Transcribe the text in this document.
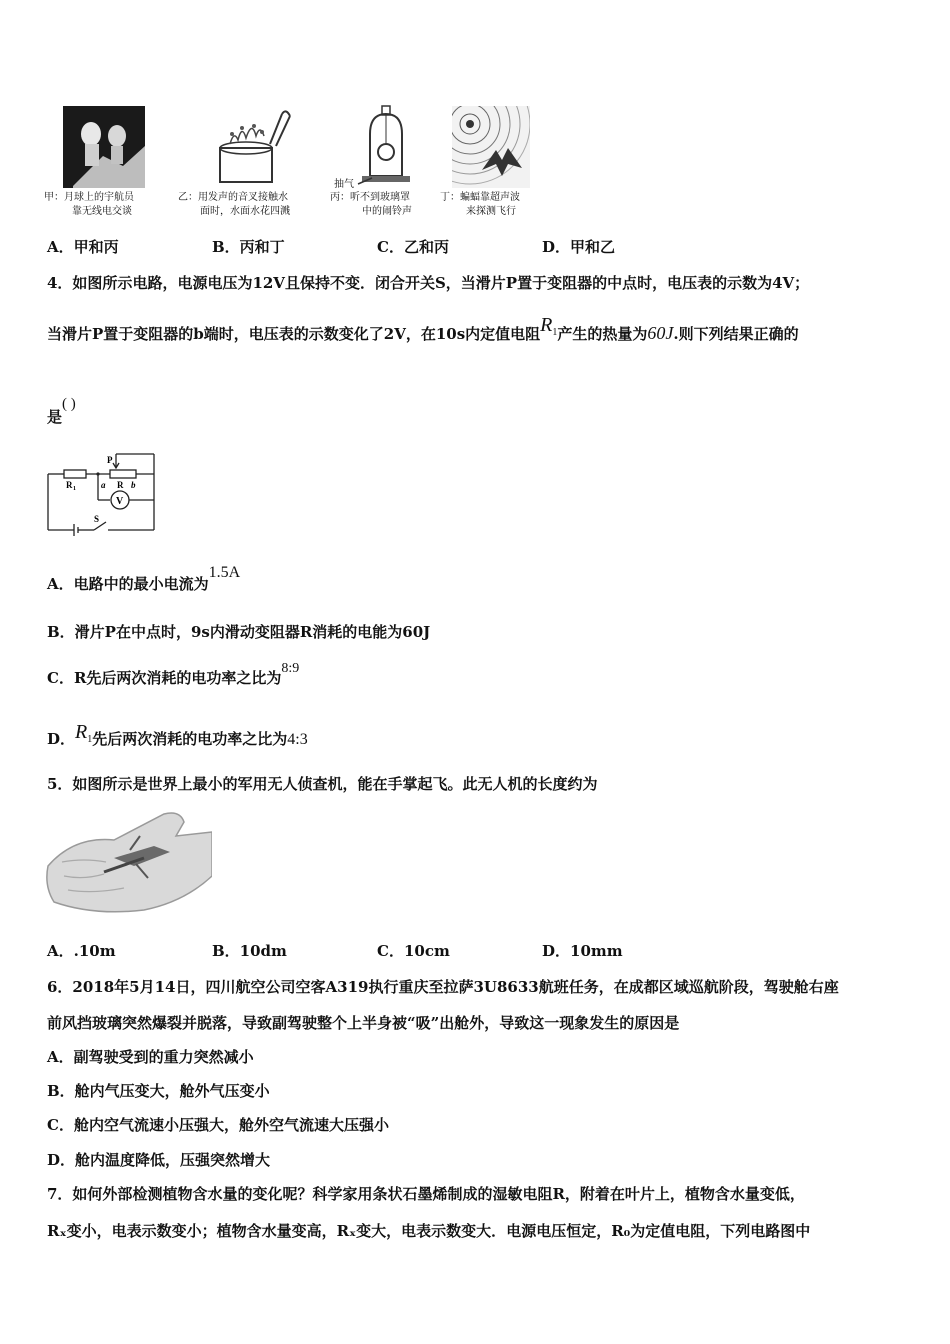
抽气
甲：月球上的宇航员
靠无线电交谈
乙：用发声的音叉接触水
面时，水面水花四溅
丙：听不到玻璃罩
中的闹铃声
丁：蝙蝠靠超声波
来探测飞行
A．甲和丙	B．丙和丁	C．乙和丙	D．甲和乙
4．如图所示电路，电源电压为12V且保持不变．闭合开关S，当滑片P置于变阻器的中点时，电压表的示数为4V；
当滑片P置于变阻器的b端时，电压表的示数变化了2V，在10s内定值电阻$R^1$产生的热量为60J.则下列结果正确的
是( )
R 1
P
a R b
V
S
A．电路中的最小电流为1.5A
B．滑片P在中点时，9s内滑动变阻器R消耗的电能为60J
C．R先后两次消耗的电功率之比为8:9
D．R1先后两次消耗的电功率之比为4:3
5．如图所示是世界上最小的军用无人侦查机，能在手掌起飞。此无人机的长度约为
A．.10m	B．10dm	C．10cm	D．10mm
6．2018年5月14日，四川航空公司空客A319执行重庆至拉萨3U8633航班任务，在成都区域巡航阶段，驾驶舱右座
前风挡玻璃突然爆裂并脱落，导致副驾驶整个上半身被“吸”出舱外，导致这一现象发生的原因是
A．副驾驶受到的重力突然减小
B．舱内气压变大，舱外气压变小
C．舱内空气流速小压强大，舱外空气流速大压强小
D．舱内温度降低，压强突然增大
7．如何外部检测植物含水量的变化呢？科学家用条状石墨烯制成的湿敏电阻R，附着在叶片上，植物含水量变低，
Rₓ变小，电表示数变小；植物含水量变高，Rₓ变大，电表示数变大．电源电压恒定，R₀为定值电阻，下列电路图中
